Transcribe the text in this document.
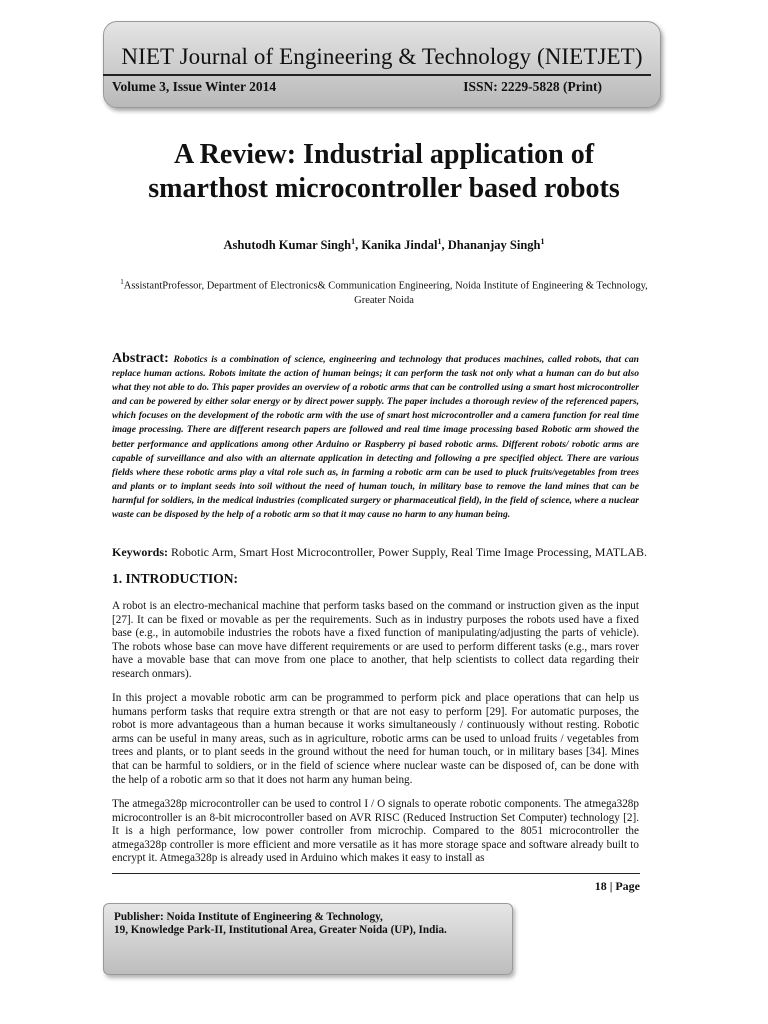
NIET Journal of Engineering & Technology (NIETJET)
Volume 3, Issue Winter 2014	ISSN: 2229-5828 (Print)
A Review: Industrial application of
smarthost microcontroller based robots
Ashutodh Kumar Singh$^1$, Kanika Jindal$^1$, Dhananjay Singh$^1$
$^1$AssistantProfessor, Department of Electronics& Communication Engineering, Noida Institute of Engineering & Technology, Greater Noida
Abstract: Robotics is a combination of science, engineering and technology that produces machines, called robots, that can replace human actions. Robots imitate the action of human beings; it can perform the task not only what a human can do but also what they not able to do. This paper provides an overview of a robotic arms that can be controlled using a smart host microcontroller and can be powered by either solar energy or by direct power supply. The paper includes a thorough review of the referenced papers, which focuses on the development of the robotic arm with the use of smart host microcontroller and a camera function for real time image processing. There are different research papers are followed and real time image processing based Robotic arm showed the better performance and applications among other Arduino or Raspberry pi based robotic arms. Different robots/ robotic arms are capable of surveillance and also with an alternate application in detecting and following a pre specified object. There are various fields where these robotic arms play a vital role such as, in farming a robotic arm can be used to pluck fruits/vegetables from trees and plants or to implant seeds into soil without the need of human touch, in military base to remove the land mines that can be harmful for soldiers, in the medical industries (complicated surgery or pharmaceutical field), in the field of science, where a nuclear waste can be disposed by the help of a robotic arm so that it may cause no harm to any human being.
Keywords: Robotic Arm, Smart Host Microcontroller, Power Supply, Real Time Image Processing, MATLAB.
1. INTRODUCTION:
A robot is an electro-mechanical machine that perform tasks based on the command or instruction given as the input [27]. It can be fixed or movable as per the requirements. Such as in industry purposes the robots used have a fixed base (e.g., in automobile industries the robots have a fixed function of manipulating/adjusting the parts of vehicle). The robots whose base can move have different requirements or are used to perform different tasks (e.g., mars rover have a movable base that can move from one place to another, that help scientists to collect data regarding their research onmars).
In this project a movable robotic arm can be programmed to perform pick and place operations that can help us humans perform tasks that require extra strength or that are not easy to perform [29]. For automatic purposes, the robot is more advantageous than a human because it works simultaneously / continuously without resting. Robotic arms can be useful in many areas, such as in agriculture, robotic arms can be used to unload fruits / vegetables from trees and plants, or to plant seeds in the ground without the need for human touch, or in military bases [34]. Mines that can be harmful to soldiers, or in the field of science where nuclear waste can be disposed of, can be done with the help of a robotic arm so that it does not harm any human being.
The atmega328p microcontroller can be used to control I / O signals to operate robotic components. The atmega328p microcontroller is an 8-bit microcontroller based on AVR RISC (Reduced Instruction Set Computer) technology [2]. It is a high performance, low power controller from microchip. Compared to the 8051 microcontroller the atmega328p controller is more efficient and more versatile as it has more storage space and software already built to encrypt it. Atmega328p is already used in Arduino which makes it easy to install as
18 | Page
Publisher: Noida Institute of Engineering & Technology,
19, Knowledge Park-II, Institutional Area, Greater Noida (UP), India.
